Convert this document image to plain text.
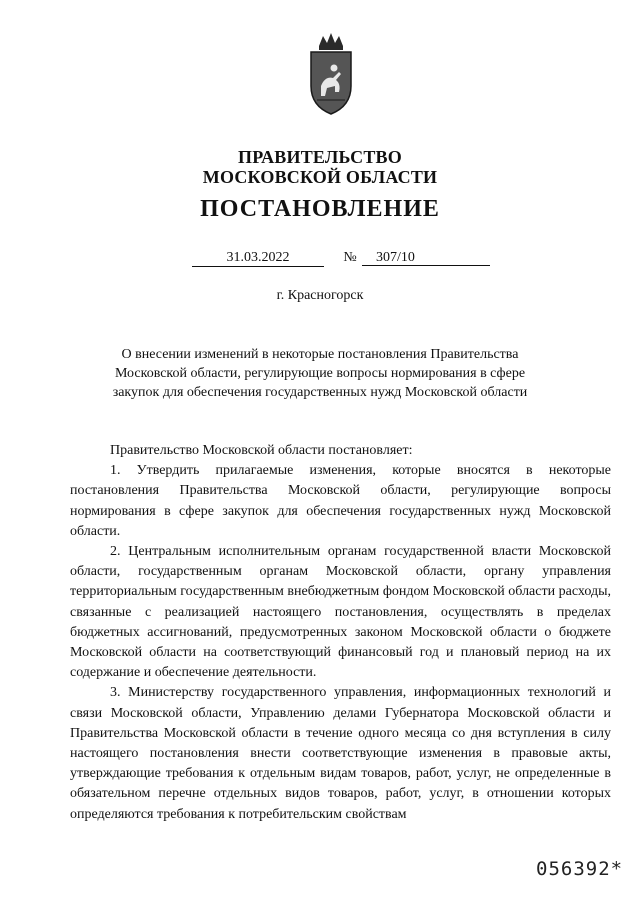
ПРАВИТЕЛЬСТВО
МОСКОВСКОЙ ОБЛАСТИ
ПОСТАНОВЛЕНИЕ
31.03.2022	№	307/10
г. Красногорск
О внесении изменений в некоторые постановления Правительства Московской области, регулирующие вопросы нормирования в сфере закупок для обеспечения государственных нужд Московской области

Правительство Московской области постановляет:

1. Утвердить прилагаемые изменения, которые вносятся в некоторые постановления Правительства Московской области, регулирующие вопросы нормирования в сфере закупок для обеспечения государственных нужд Московской области.

2. Центральным исполнительным органам государственной власти Московской области, государственным органам Московской области, органу управления территориальным государственным внебюджетным фондом Московской области расходы, связанные с реализацией настоящего постановления, осуществлять в пределах бюджетных ассигнований, предусмотренных законом Московской области о бюджете Московской области на соответствующий финансовый год и плановый период на их содержание и обеспечение деятельности.

3. Министерству государственного управления, информационных технологий и связи Московской области, Управлению делами Губернатора Московской области и Правительства Московской области в течение одного месяца со дня вступления в силу настоящего постановления внести соответствующие изменения в правовые акты, утверждающие требования к отдельным видам товаров, работ, услуг, не определенные в обязательном перечне отдельных видов товаров, работ, услуг, в отношении которых определяются требования к потребительским свойствам

056392*
